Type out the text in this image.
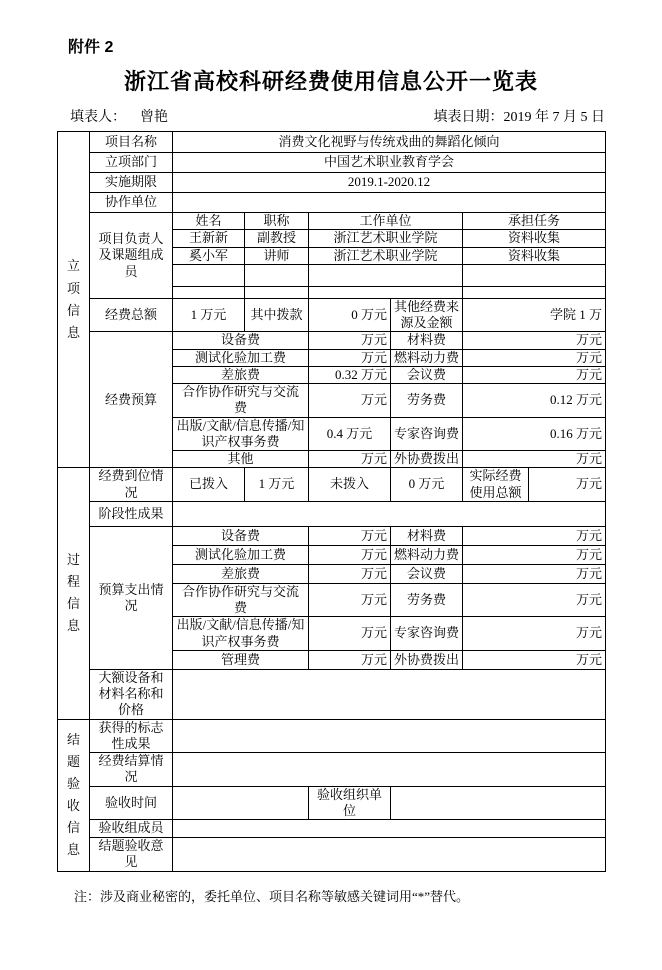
附件 2
浙江省高校科研经费使用信息公开一览表
填表人： 曾艳	填表日期：2019 年 7 月 5 日
立项信息	项目名称	消费文化视野与传统戏曲的舞蹈化倾向					
	立项部门	中国艺术职业教育学会					
	实施期限	2019.1-2020.12					
	协作单位						
	项目负责人及课题组成员	姓名	职称	工作单位		承担任务	
		王新新	副教授	浙江艺术职业学院		资料收集	
		奚小军	讲师	浙江艺术职业学院		资料收集	

	经费总额	1 万元	其中拨款	0 万元	其他经费来源及金额	学院 1 万	
	经费预算	设备费		万元	材料费	万元	
		测试化验加工费		万元	燃料动力费	万元	
		差旅费		0.32 万元	会议费	万元	
		合作协作研究与交流费		万元	劳务费	0.12 万元	
		出版/文献/信息传播/知识产权事务费		0.4 万元	专家咨询费	0.16 万元	
		其他		万元	外协费拨出	万元	

过程信息	经费到位情况	已拨入	1 万元	未拨入	0 万元	实际经费使用总额	万元
	阶段性成果						
	预算支出情况	设备费		万元	材料费	万元	
		测试化验加工费		万元	燃料动力费	万元	
		差旅费		万元	会议费	万元	
		合作协作研究与交流费		万元	劳务费	万元	
		出版/文献/信息传播/知识产权事务费		万元	专家咨询费	万元	
		管理费		万元	外协费拨出	万元	
	大额设备和材料名称和价格						

结题验收信息	获得的标志性成果						
	经费结算情况						
	验收时间			验收组织单位			
	验收组成员						
	结题验收意见						
注：涉及商业秘密的，委托单位、项目名称等敏感关键词用“*”替代。
